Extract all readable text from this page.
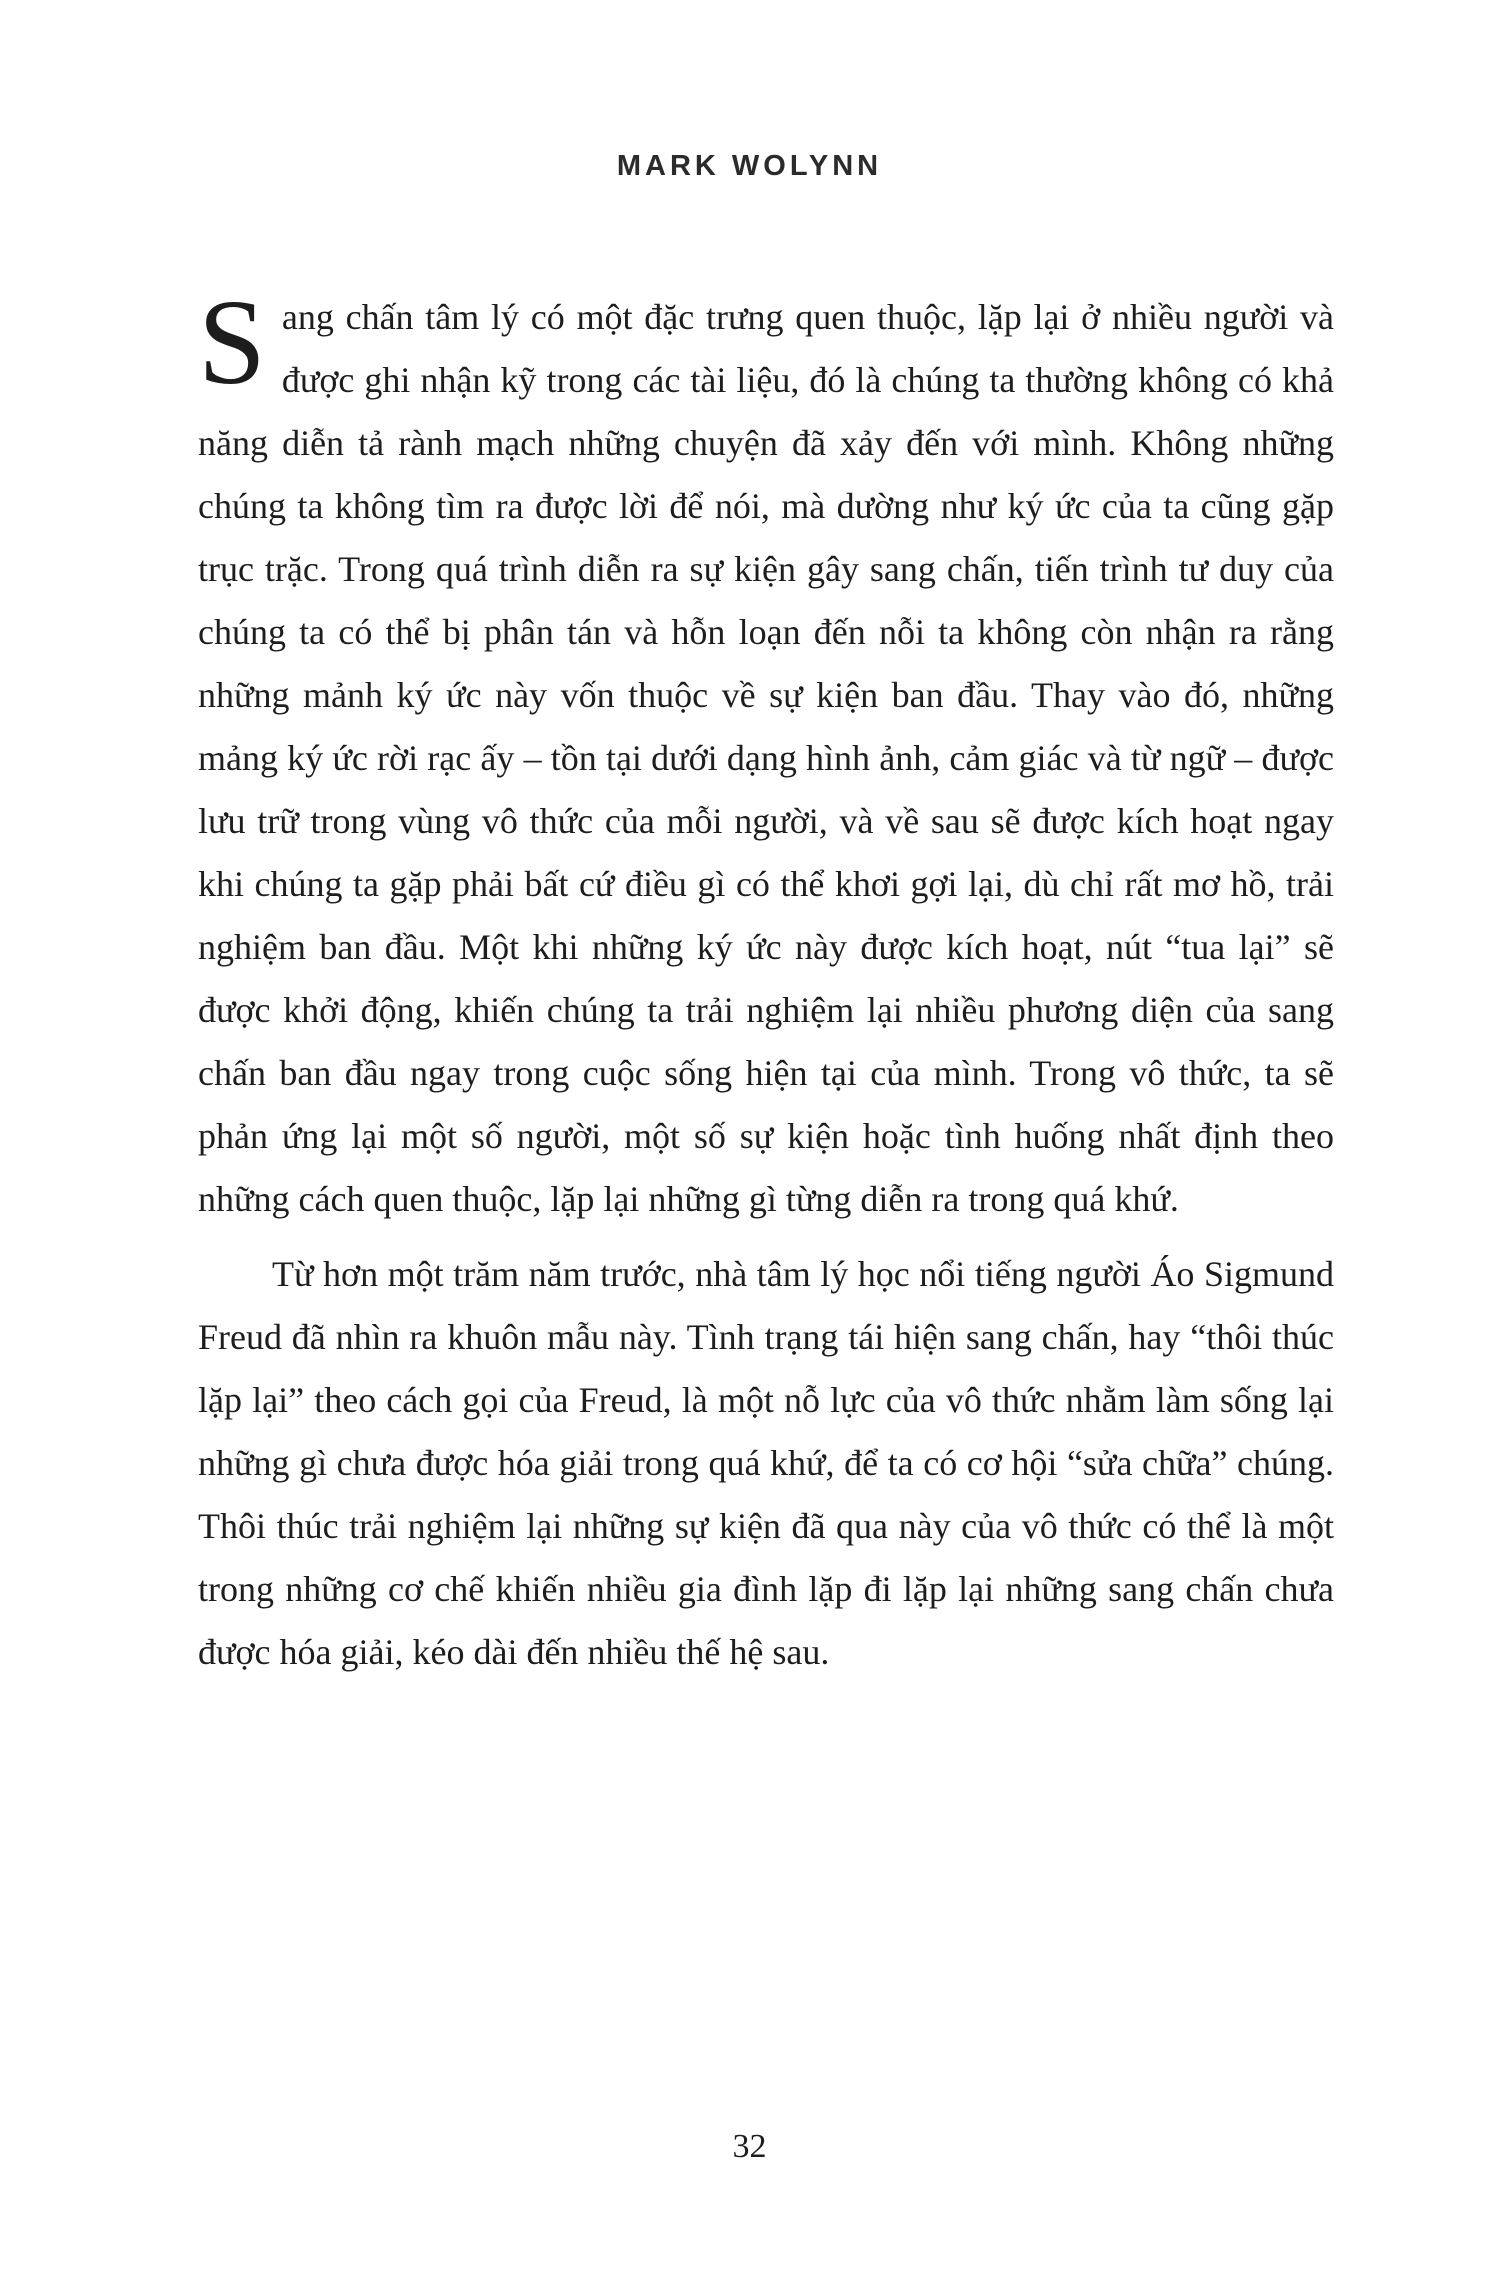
MARK WOLYNN

Sang chấn tâm lý có một đặc trưng quen thuộc, lặp lại ở nhiều người và được ghi nhận kỹ trong các tài liệu, đó là chúng ta thường không có khả năng diễn tả rành mạch những chuyện đã xảy đến với mình. Không những chúng ta không tìm ra được lời để nói, mà dường như ký ức của ta cũng gặp trục trặc. Trong quá trình diễn ra sự kiện gây sang chấn, tiến trình tư duy của chúng ta có thể bị phân tán và hỗn loạn đến nỗi ta không còn nhận ra rằng những mảnh ký ức này vốn thuộc về sự kiện ban đầu. Thay vào đó, những mảng ký ức rời rạc ấy – tồn tại dưới dạng hình ảnh, cảm giác và từ ngữ – được lưu trữ trong vùng vô thức của mỗi người, và về sau sẽ được kích hoạt ngay khi chúng ta gặp phải bất cứ điều gì có thể khơi gợi lại, dù chỉ rất mơ hồ, trải nghiệm ban đầu. Một khi những ký ức này được kích hoạt, nút “tua lại” sẽ được khởi động, khiến chúng ta trải nghiệm lại nhiều phương diện của sang chấn ban đầu ngay trong cuộc sống hiện tại của mình. Trong vô thức, ta sẽ phản ứng lại một số người, một số sự kiện hoặc tình huống nhất định theo những cách quen thuộc, lặp lại những gì từng diễn ra trong quá khứ.

Từ hơn một trăm năm trước, nhà tâm lý học nổi tiếng người Áo Sigmund Freud đã nhìn ra khuôn mẫu này. Tình trạng tái hiện sang chấn, hay “thôi thúc lặp lại” theo cách gọi của Freud, là một nỗ lực của vô thức nhằm làm sống lại những gì chưa được hóa giải trong quá khứ, để ta có cơ hội “sửa chữa” chúng. Thôi thúc trải nghiệm lại những sự kiện đã qua này của vô thức có thể là một trong những cơ chế khiến nhiều gia đình lặp đi lặp lại những sang chấn chưa được hóa giải, kéo dài đến nhiều thế hệ sau.

32
